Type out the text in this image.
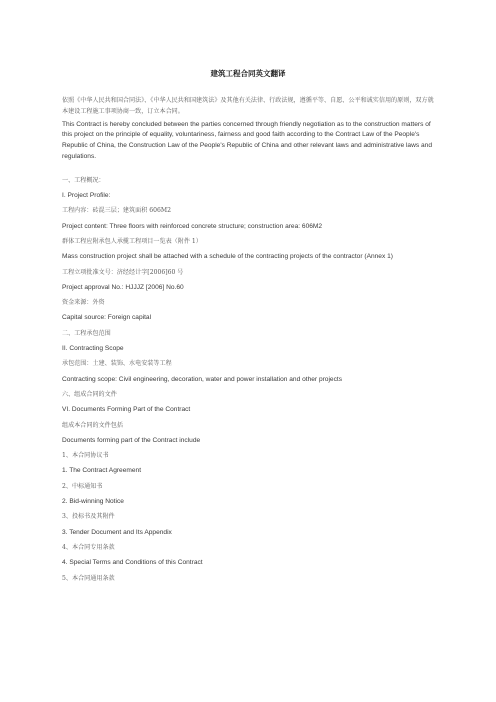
建筑工程合同英文翻译

依照《中华人民共和国合同法》、《中华人民共和国建筑法》及其他有关法律、行政法规，遵循平等、自愿、公平和诚实信用的原则，双方就本建设工程施工事项协商一致，订立本合同。

This Contract is hereby concluded between the parties concerned through friendly negotiation as to the construction matters of this project on the principle of equality, voluntariness, fairness and good faith according to the Contract Law of the People's Republic of China, the Construction Law of the People's Republic of China and other relevant laws and administrative laws and regulations.

一、工程概况：

I. Project Profile:

工程内容：砖混三层；建筑面积 606M2

Project content: Three floors with reinforced concrete structure; construction area: 606M2

群体工程应附承包人承揽工程项目一览表（附件 1）

Mass construction project shall be attached with a schedule of the contracting projects of the contractor (Annex 1)

工程立项批准文号：济经经计字[2006]60 号

Project approval No.: HJJJZ [2006] No.60

资金来源：外资

Capital source: Foreign capital

二、工程承包范围

II. Contracting Scope

承包范围：土建、装饰、水电安装等工程

Contracting scope: Civil engineering, decoration, water and power installation and other projects

六、组成合同的文件

VI. Documents Forming Part of the Contract

组成本合同的文件包括

Documents forming part of the Contract include

1、本合同协议书

1. The Contract Agreement

2、中标通知书

2. Bid-winning Notice

3、投标书及其附件

3. Tender Document and Its Appendix

4、本合同专用条款

4. Special Terms and Conditions of this Contract

5、本合同通用条款
